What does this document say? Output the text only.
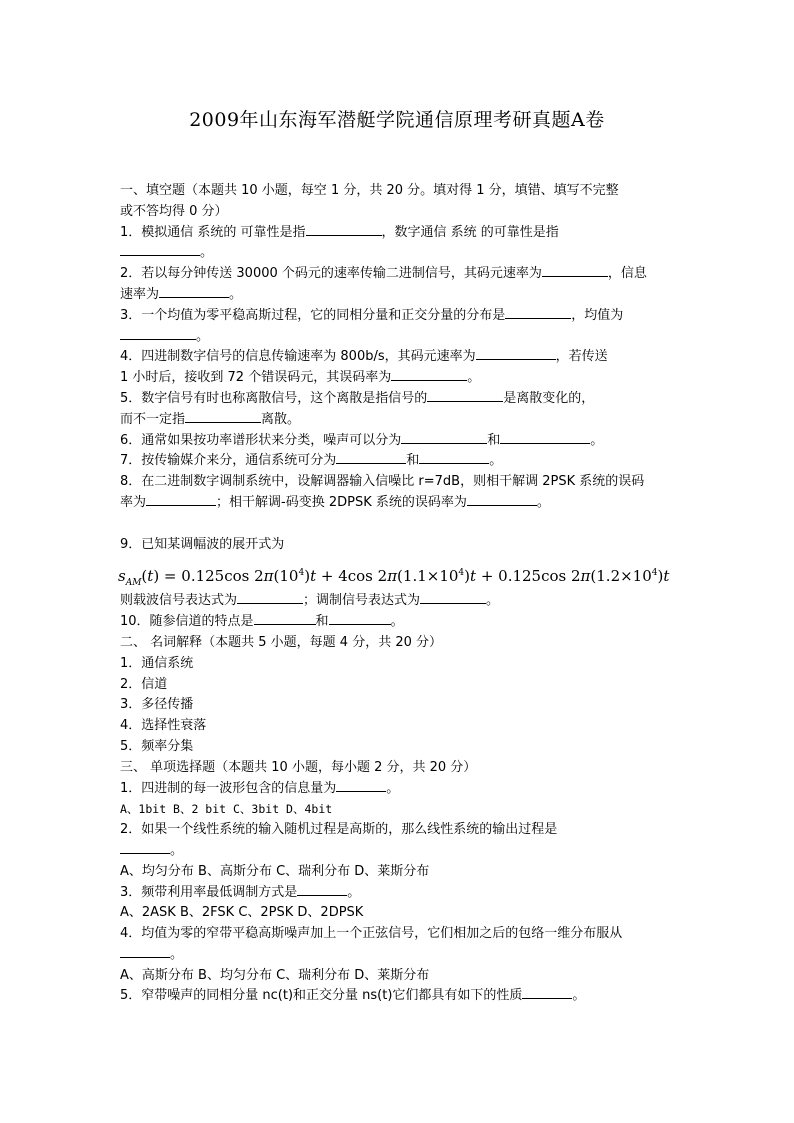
2009年山东海军潜艇学院通信原理考研真题A卷
一、填空题（本题共 10 小题，每空 1 分，共 20 分。填对得 1 分，填错、填写不完整
或不答均得 0 分）
1．模拟通信 系统的 可靠性是指	，数字通信 系统 的可靠性是指
。
2．若以每分钟传送 30000 个码元的速率传输二进制信号，其码元速率为	，信息
速率为	。
3．一个均值为零平稳高斯过程，它的同相分量和正交分量的分布是	，均值为
。
4．四进制数字信号的信息传输速率为 800b/s，其码元速率为	，若传送
1 小时后，接收到 72 个错误码元，其误码率为	。
5．数字信号有时也称离散信号，这个离散是指信号的	是离散变化的，
而不一定指	离散。
6．通常如果按功率谱形状来分类，噪声可以分为	和	。
7．按传输媒介来分，通信系统可分为	和	。
8．在二进制数字调制系统中，设解调器输入信噪比 r=7dB，则相干解调 2PSK 系统的误码
率为	；相干解调-码变换 2DPSK 系统的误码率为	。
9．已知某调幅波的展开式为
$s_{AM}(t) = 0.125\cos$ $2\pi(10^4)t + 4\cos$ $2\pi(1.1\times 10^4)t + 0.125\cos$ $2\pi(1.2\times 10^4)t$
则载波信号表达式为	；调制信号表达式为	。
10．随参信道的特点是	和	。
二、 名词解释（本题共 5 小题，每题 4 分，共 20 分）
1．通信系统
2．信道
3．多径传播
4．选择性衰落
5．频率分集
三、 单项选择题（本题共 10 小题，每小题 2 分，共 20 分）
1．四进制的每一波形包含的信息量为	。
A、1bit B、2 bit C、3bit D、4bit
2．如果一个线性系统的输入随机过程是高斯的，那么线性系统的输出过程是
。
A、均匀分布 B、高斯分布 C、瑞利分布 D、莱斯分布
3．频带利用率最低调制方式是	。
A、2ASK B、2FSK C、2PSK D、2DPSK
4．均值为零的窄带平稳高斯噪声加上一个正弦信号，它们相加之后的包络一维分布服从
。
A、高斯分布 B、均匀分布 C、瑞利分布 D、莱斯分布
5．窄带噪声的同相分量 nc(t)和正交分量 ns(t)它们都具有如下的性质	。
